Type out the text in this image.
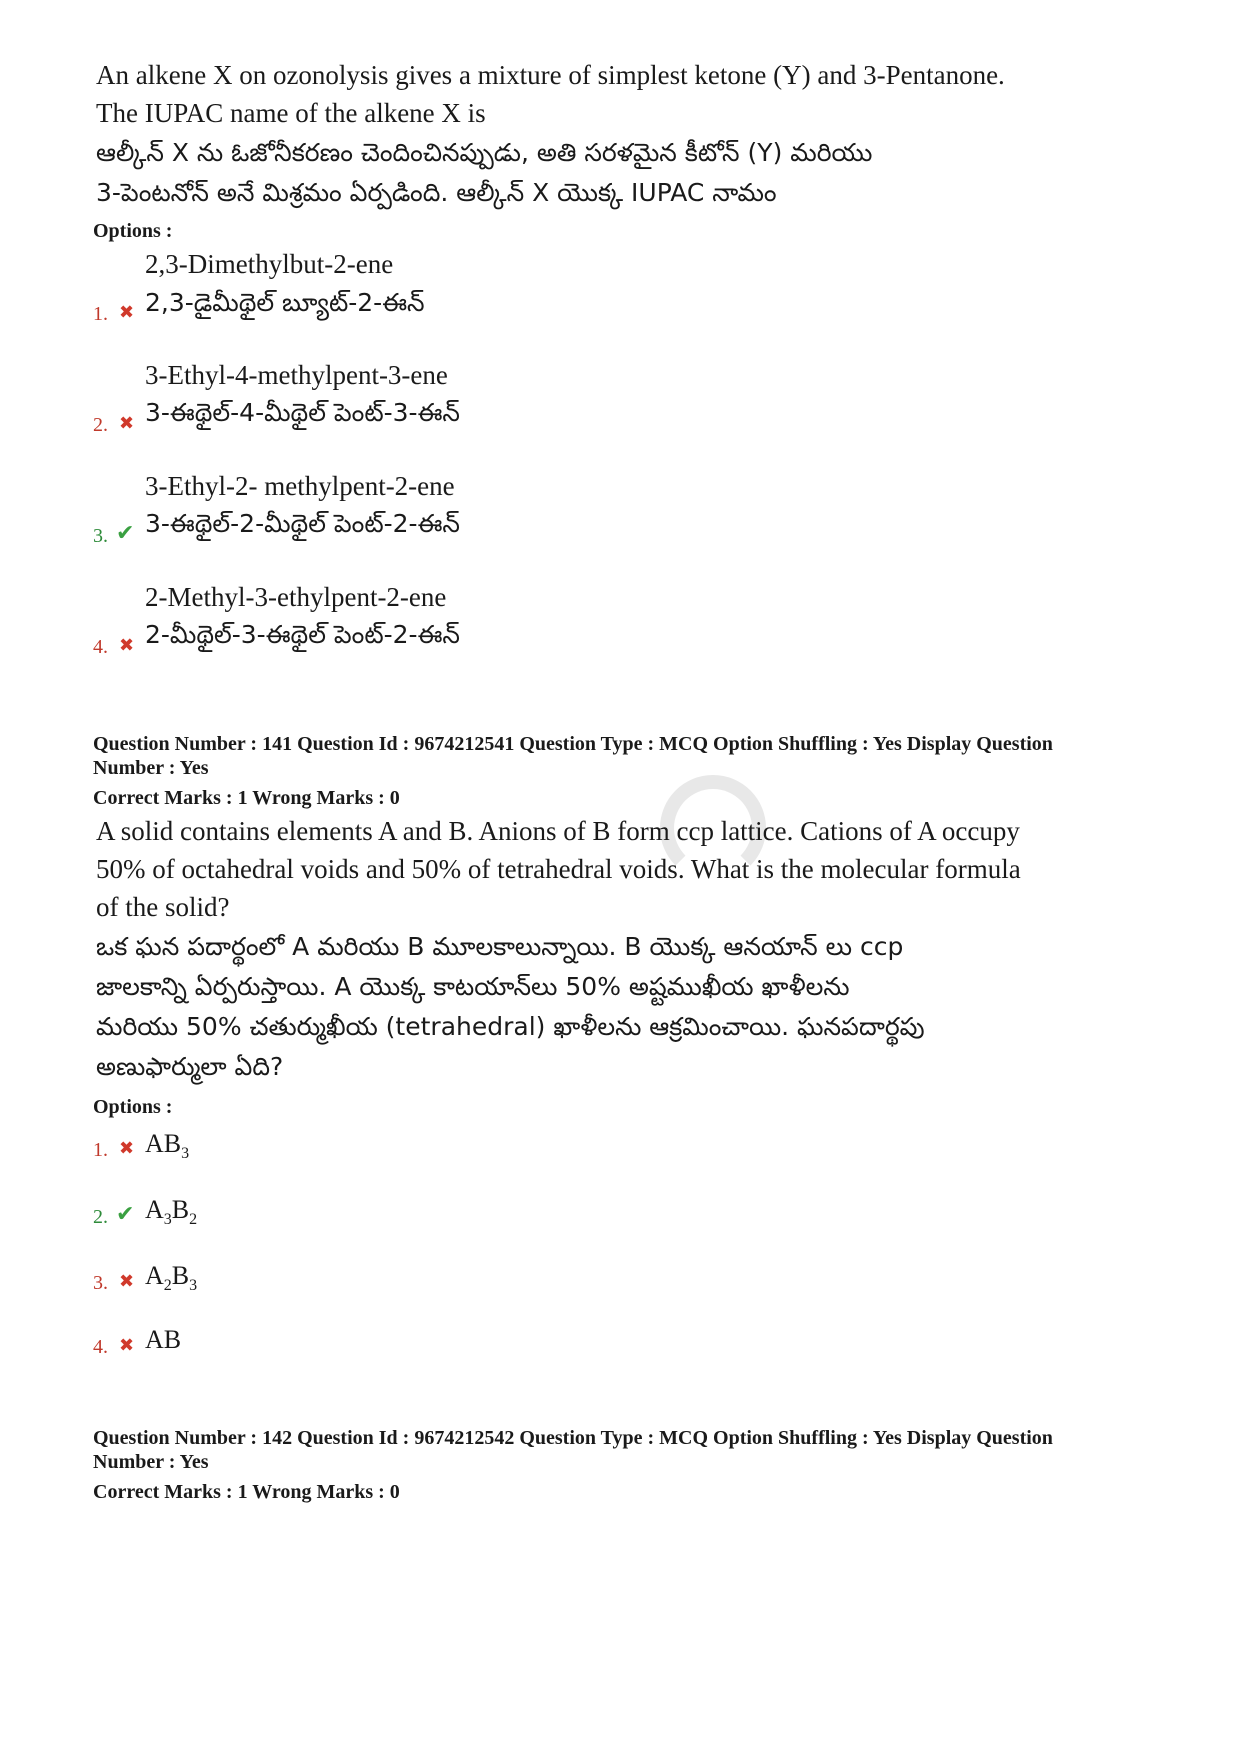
An alkene X on ozonolysis gives a mixture of simplest ketone (Y) and 3-Pentanone.

The IUPAC name of the alkene X is

ఆల్కీన్ X ను ఓజోనీకరణం చెందించినప్పుడు, అతి సరళమైన కీటోన్ (Y) మరియు

3-పెంటనోన్ అనే మిశ్రమం ఏర్పడింది. ఆల్కీన్ X యొక్క IUPAC నామం

Options :

2,3-Dimethylbut-2-ene
1. ✖ 2,3-డైమీథైల్ బ్యూట్-2-ఈన్
3-Ethyl-4-methylpent-3-ene
2. ✖ 3-ఈథైల్-4-మీథైల్ పెంట్-3-ఈన్
3-Ethyl-2- methylpent-2-ene
3. ✔ 3-ఈథైల్-2-మీథైల్ పెంట్-2-ఈన్
2-Methyl-3-ethylpent-2-ene
4. ✖ 2-మీథైల్-3-ఈథైల్ పెంట్-2-ఈన్

Question Number : 141 Question Id : 9674212541 Question Type : MCQ Option Shuffling : Yes Display Question

Number : Yes

Correct Marks : 1 Wrong Marks : 0

A solid contains elements A and B. Anions of B form ccp lattice. Cations of A occupy

50% of octahedral voids and 50% of tetrahedral voids. What is the molecular formula

of the solid?

ఒక ఘన పదార్థంలో A మరియు B మూలకాలున్నాయి. B యొక్క ఆనయాన్ లు ccp

జాలకాన్ని ఏర్పరుస్తాయి. A యొక్క కాటయాన్‌లు 50% అష్టముఖీయ ఖాళీలను

మరియు 50% చతుర్ముఖీయ (tetrahedral) ఖాళీలను ఆక్రమించాయి. ఘనపదార్థపు

అణుఫార్ములా ఏది?

Options :

1. ✖ $AB_3$
2. ✔ $A_3B_2$
3. ✖ $A_2B_3$
4. ✖ AB

Question Number : 142 Question Id : 9674212542 Question Type : MCQ Option Shuffling : Yes Display Question

Number : Yes

Correct Marks : 1 Wrong Marks : 0
